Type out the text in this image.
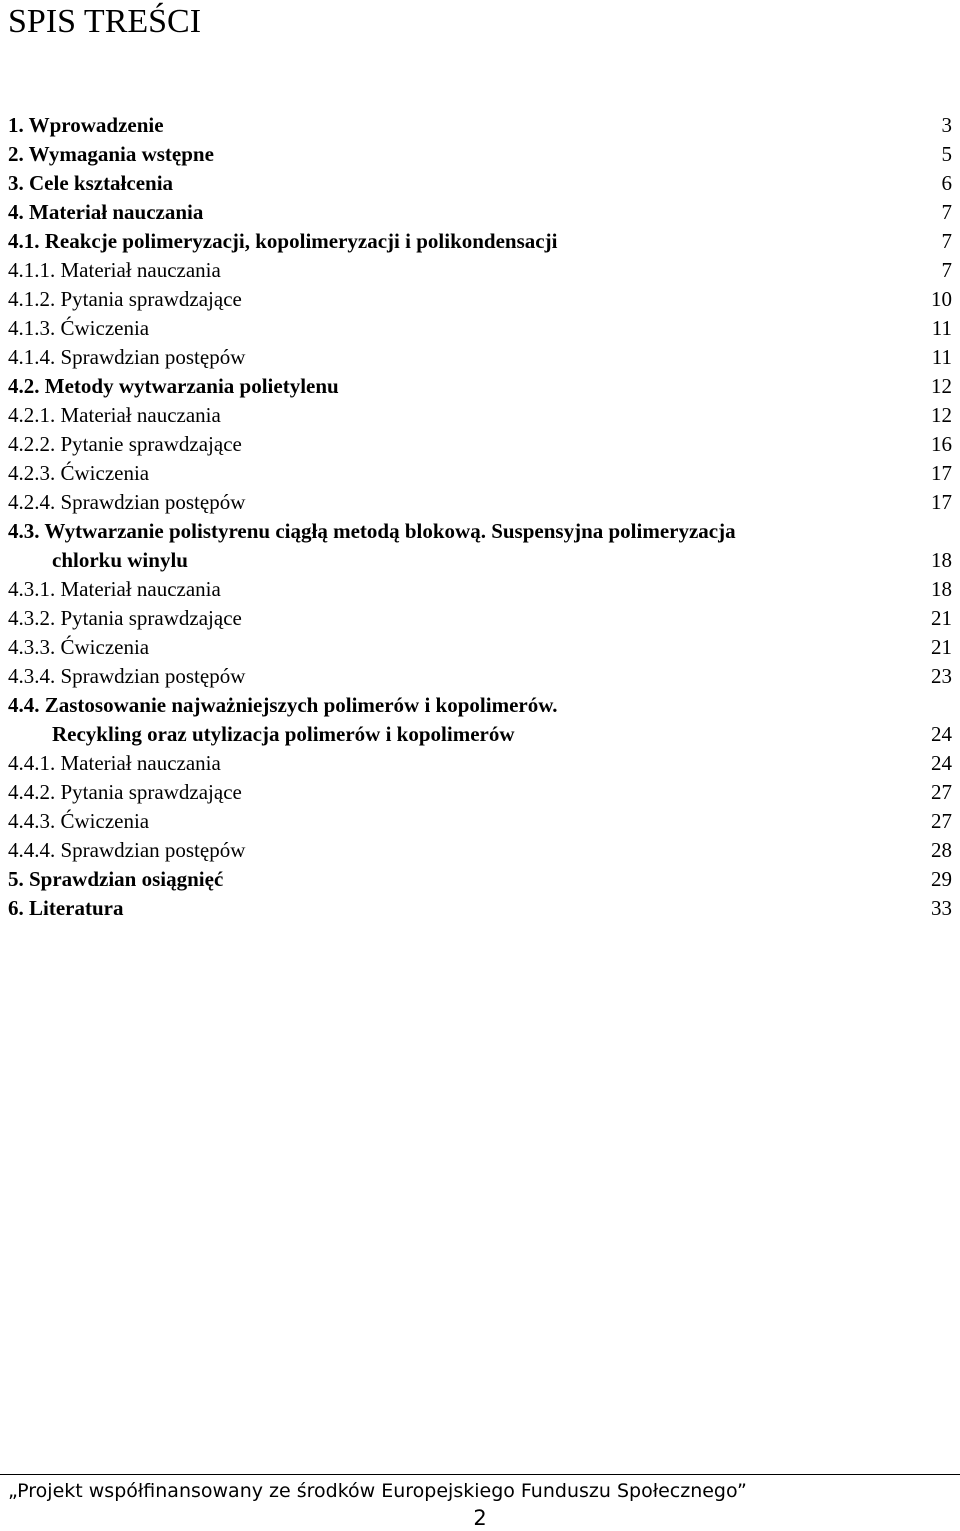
SPIS TREŚCI
1. Wprowadzenie	3
2. Wymagania wstępne	5
3. Cele kształcenia	6
4. Materiał nauczania	7
4.1. Reakcje polimeryzacji, kopolimeryzacji i polikondensacji	7
4.1.1. Materiał nauczania	7
4.1.2. Pytania sprawdzające	10
4.1.3. Ćwiczenia	11
4.1.4. Sprawdzian postępów	11
4.2. Metody wytwarzania polietylenu	12
4.2.1. Materiał nauczania	12
4.2.2. Pytanie sprawdzające	16
4.2.3. Ćwiczenia	17
4.2.4. Sprawdzian postępów	17
4.3. Wytwarzanie polistyrenu ciągłą metodą blokową. Suspensyjna polimeryzacja
chlorku winylu	18
4.3.1. Materiał nauczania	18
4.3.2. Pytania sprawdzające	21
4.3.3. Ćwiczenia	21
4.3.4. Sprawdzian postępów	23
4.4. Zastosowanie najważniejszych polimerów i kopolimerów.
Recykling oraz utylizacja polimerów i kopolimerów	24
4.4.1. Materiał nauczania	24
4.4.2. Pytania sprawdzające	27
4.4.3. Ćwiczenia	27
4.4.4. Sprawdzian postępów	28
5. Sprawdzian osiągnięć	29
6. Literatura	33
„Projekt współfinansowany ze środków Europejskiego Funduszu Społecznego”
2
